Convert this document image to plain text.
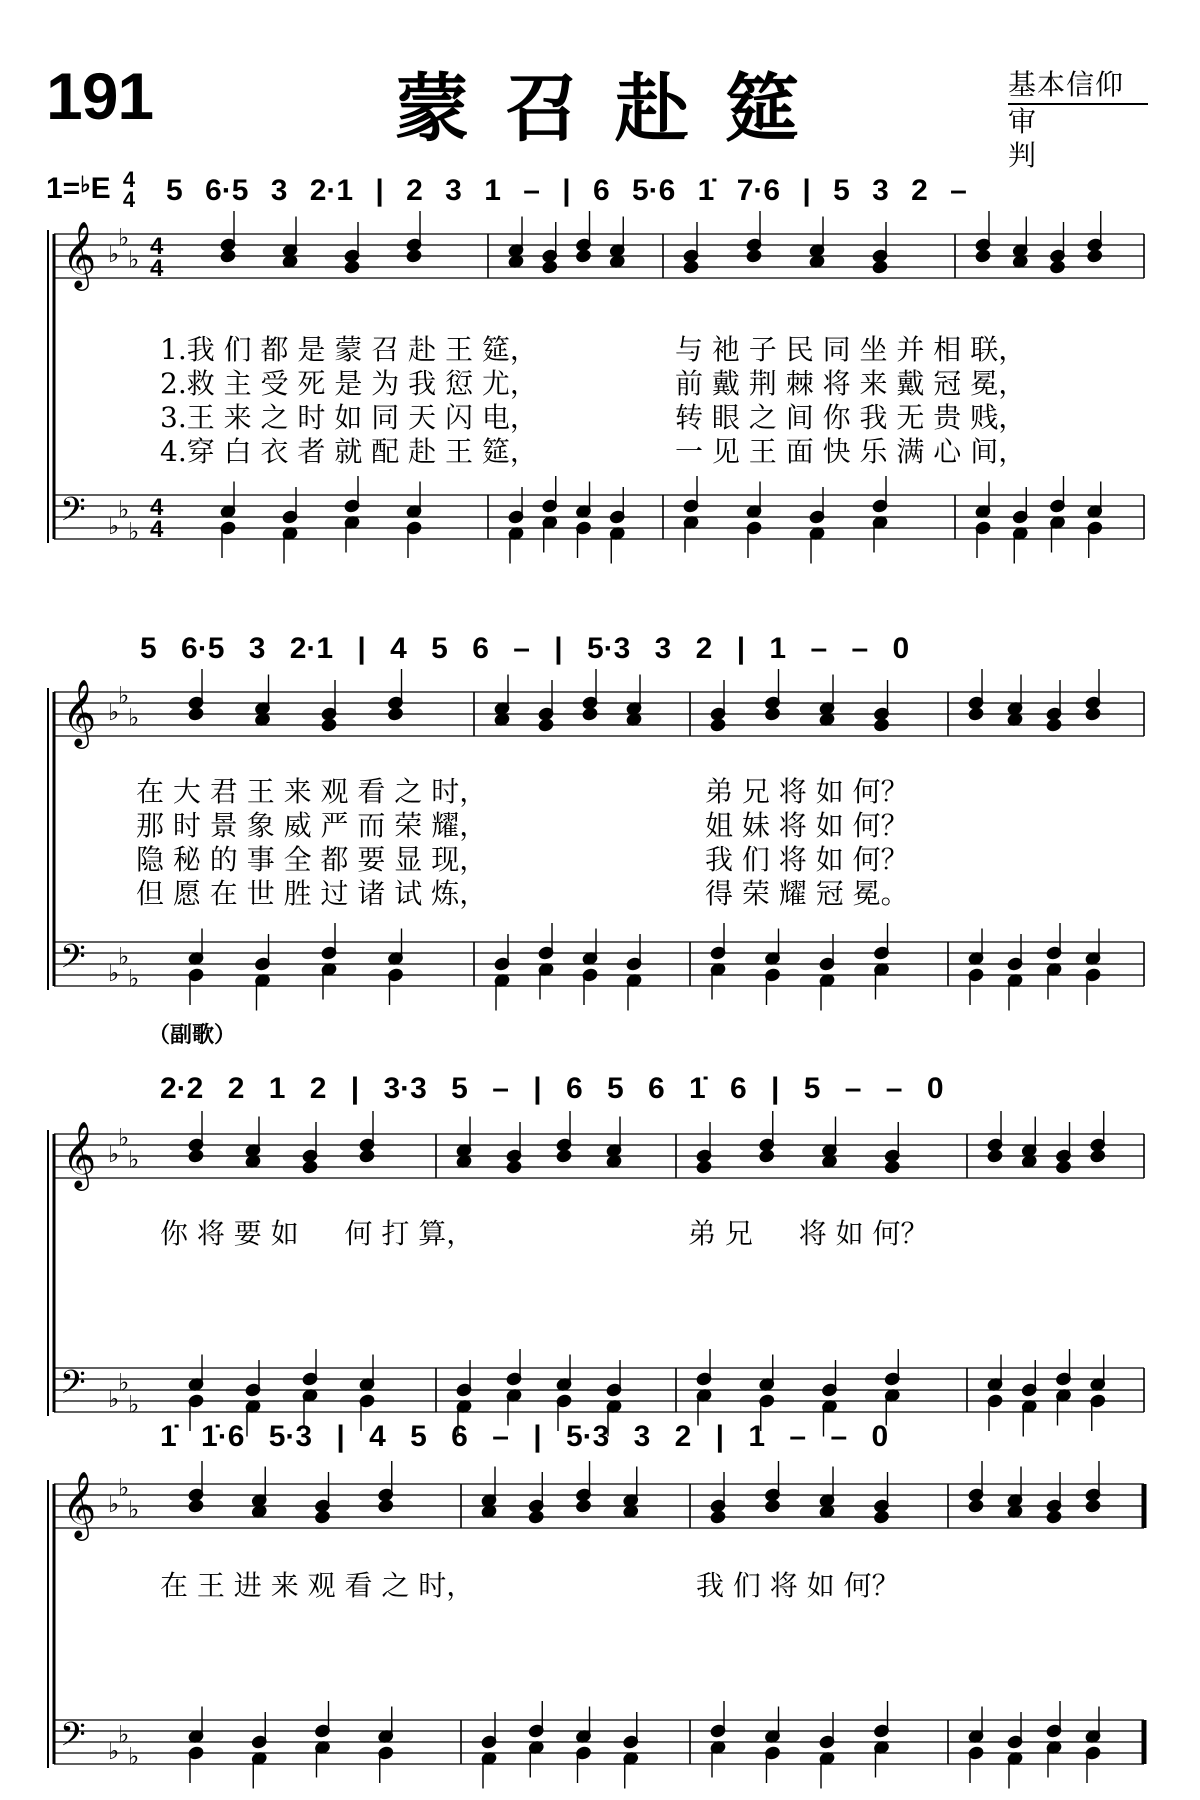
191	蒙召赴筵	基本信仰
审判
1=♭E 4
4
（副歌）
5 6·5 3 2·1 | 2 3 1 – | 6 5·6 1̇ 7·6 | 5 3 2 –
5 6·5 3 2·1 | 4 5 6 – | 5·3 3 2 | 1 – – 0
2·2 2 1 2 | 3·3 5 – | 6 5 6 1̇ 6 | 5 – – 0
1̇ 1̇·6 5·3 | 4 5 6 – | 5·3 3 2 | 1 – – 0
1.我 们 都 是 蒙 召 赴 王 筵，
2.救 主 受 死 是 为 我 愆 尤，
3.王 来 之 时 如 同 天 闪 电，
4.穿 白 衣 者 就 配 赴 王 筵，
与 祂 子 民 同 坐 并 相 联，
前 戴 荆 棘 将 来 戴 冠 冕，
转 眼 之 间 你 我 无 贵 贱，
一 见 王 面 快 乐 满 心 间，
在 大 君 王 来 观 看 之 时，
那 时 景 象 威 严 而 荣 耀，
隐 秘 的 事 全 都 要 显 现，
但 愿 在 世 胜 过 诸 试 炼，
弟 兄 将 如 何？
姐 妹 将 如 何？
我 们 将 如 何？
得 荣 耀 冠 冕。
你 将 要 如 　 何 打 算，	弟 兄 　 将 如 何？
在 王 进 来 观 看 之 时，	我 们 将 如 何？
𝄞 ♭
♭
♭ 4
4
𝄢 ♭
♭
♭
4
4
𝄞 ♭
♭
♭
𝄢 ♭
♭
♭
𝄞 ♭
♭
♭
𝄢 ♭
♭
♭
𝄞 ♭
♭
♭
𝄢 ♭
♭
♭
